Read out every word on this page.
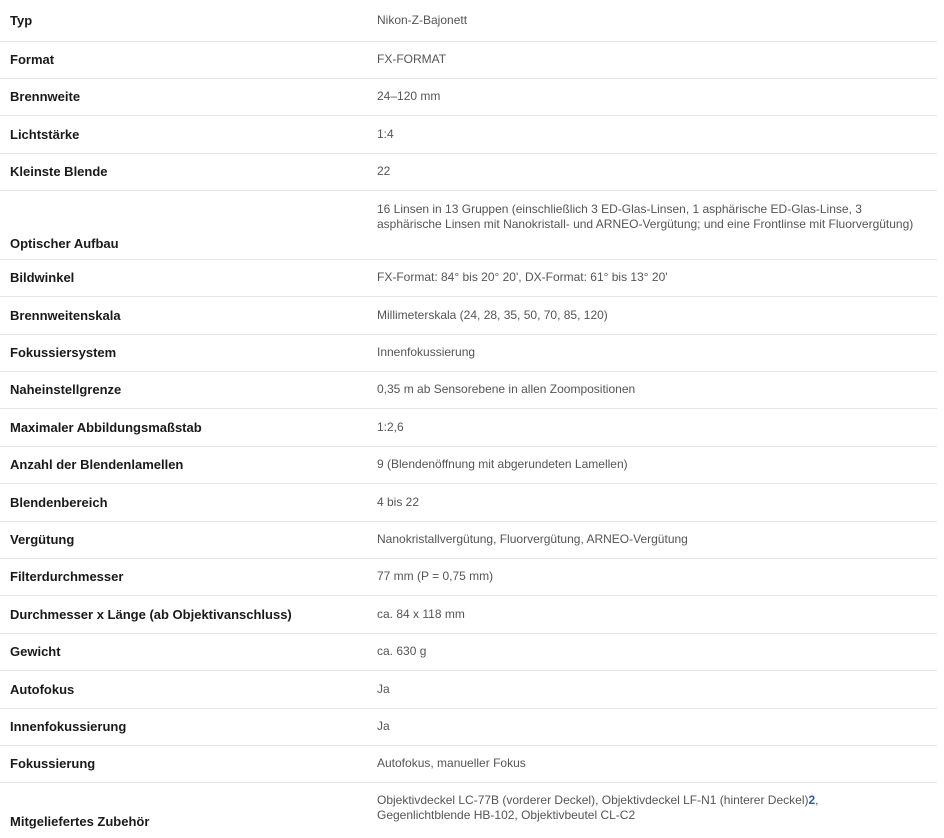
Typ	Nikon-Z-Bajonett
Format	FX-FORMAT
Brennweite	24–120 mm
Lichtstärke	1:4
Kleinste Blende	22
Optischer Aufbau	16 Linsen in 13 Gruppen (einschließlich 3 ED-Glas-Linsen, 1 asphärische ED-Glas-Linse, 3 asphärische Linsen mit Nanokristall- und ARNEO-Vergütung; und eine Frontlinse mit Fluorvergütung)
Bildwinkel	FX-Format: 84° bis 20° 20', DX-Format: 61° bis 13° 20'
Brennweitenskala	Millimeterskala (24, 28, 35, 50, 70, 85, 120)
Fokussiersystem	Innenfokussierung
Naheinstellgrenze	0,35 m ab Sensorebene in allen Zoompositionen
Maximaler Abbildungsmaßstab	1:2,6
Anzahl der Blendenlamellen	9 (Blendenöffnung mit abgerundeten Lamellen)
Blendenbereich	4 bis 22
Vergütung	Nanokristallvergütung, Fluorvergütung, ARNEO-Vergütung
Filterdurchmesser	77 mm (P = 0,75 mm)
Durchmesser x Länge (ab Objektivanschluss)	ca. 84 x 118 mm
Gewicht	ca. 630 g
Autofokus	Ja
Innenfokussierung	Ja
Fokussierung	Autofokus, manueller Fokus
Mitgeliefertes Zubehör	Objektivdeckel LC-77B (vorderer Deckel), Objektivdeckel LF-N1 (hinterer Deckel)2, Gegenlichtblende HB-102, Objektivbeutel CL-C2
